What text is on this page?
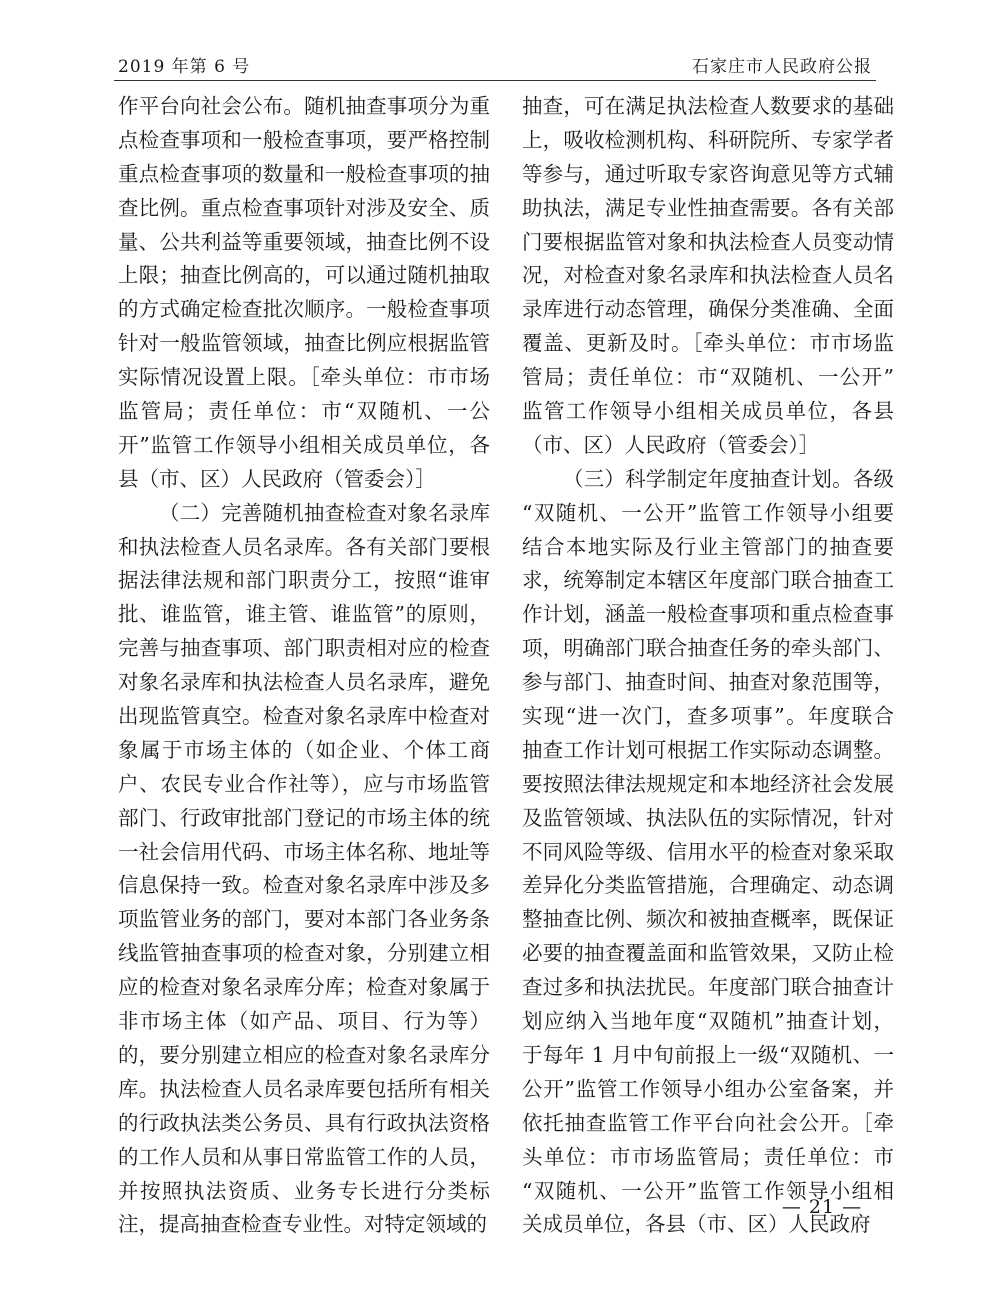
2019 年第 6 号	石家庄市人民政府公报
作平台向社会公布。随机抽查事项分为重
点检查事项和一般检查事项，要严格控制
重点检查事项的数量和一般检查事项的抽
查比例。重点检查事项针对涉及安全、质
量、公共利益等重要领域，抽查比例不设
上限；抽查比例高的，可以通过随机抽取
的方式确定检查批次顺序。一般检查事项
针对一般监管领域，抽查比例应根据监管
实际情况设置上限。［牵头单位：市市场
监管局；责任单位：市“双随机、一公
开”监管工作领导小组相关成员单位，各
县（市、区）人民政府（管委会）］
（二）完善随机抽查检查对象名录库
和执法检查人员名录库。各有关部门要根
据法律法规和部门职责分工，按照“谁审
批、谁监管，谁主管、谁监管”的原则，
完善与抽查事项、部门职责相对应的检查
对象名录库和执法检查人员名录库，避免
出现监管真空。检查对象名录库中检查对
象属于市场主体的（如企业、个体工商
户、农民专业合作社等），应与市场监管
部门、行政审批部门登记的市场主体的统
一社会信用代码、市场主体名称、地址等
信息保持一致。检查对象名录库中涉及多
项监管业务的部门，要对本部门各业务条
线监管抽查事项的检查对象，分别建立相
应的检查对象名录库分库；检查对象属于
非市场主体（如产品、项目、行为等）
的，要分别建立相应的检查对象名录库分
库。执法检查人员名录库要包括所有相关
的行政执法类公务员、具有行政执法资格
的工作人员和从事日常监管工作的人员，
并按照执法资质、业务专长进行分类标
注，提高抽查检查专业性。对特定领域的
抽查，可在满足执法检查人数要求的基础
上，吸收检测机构、科研院所、专家学者
等参与，通过听取专家咨询意见等方式辅
助执法，满足专业性抽查需要。各有关部
门要根据监管对象和执法检查人员变动情
况，对检查对象名录库和执法检查人员名
录库进行动态管理，确保分类准确、全面
覆盖、更新及时。［牵头单位：市市场监
管局；责任单位：市“双随机、一公开”
监管工作领导小组相关成员单位，各县
（市、区）人民政府（管委会）］
（三）科学制定年度抽查计划。各级
“双随机、一公开”监管工作领导小组要
结合本地实际及行业主管部门的抽查要
求，统筹制定本辖区年度部门联合抽查工
作计划，涵盖一般检查事项和重点检查事
项，明确部门联合抽查任务的牵头部门、
参与部门、抽查时间、抽查对象范围等，
实现“进一次门，查多项事”。年度联合
抽查工作计划可根据工作实际动态调整。
要按照法律法规规定和本地经济社会发展
及监管领域、执法队伍的实际情况，针对
不同风险等级、信用水平的检查对象采取
差异化分类监管措施，合理确定、动态调
整抽查比例、频次和被抽查概率，既保证
必要的抽查覆盖面和监管效果，又防止检
查过多和执法扰民。年度部门联合抽查计
划应纳入当地年度“双随机”抽查计划，
于每年 1 月中旬前报上一级“双随机、一
公开”监管工作领导小组办公室备案，并
依托抽查监管工作平台向社会公开。［牵
头单位：市市场监管局；责任单位：市
“双随机、一公开”监管工作领导小组相
关成员单位，各县（市、区）人民政府
— 21 —
